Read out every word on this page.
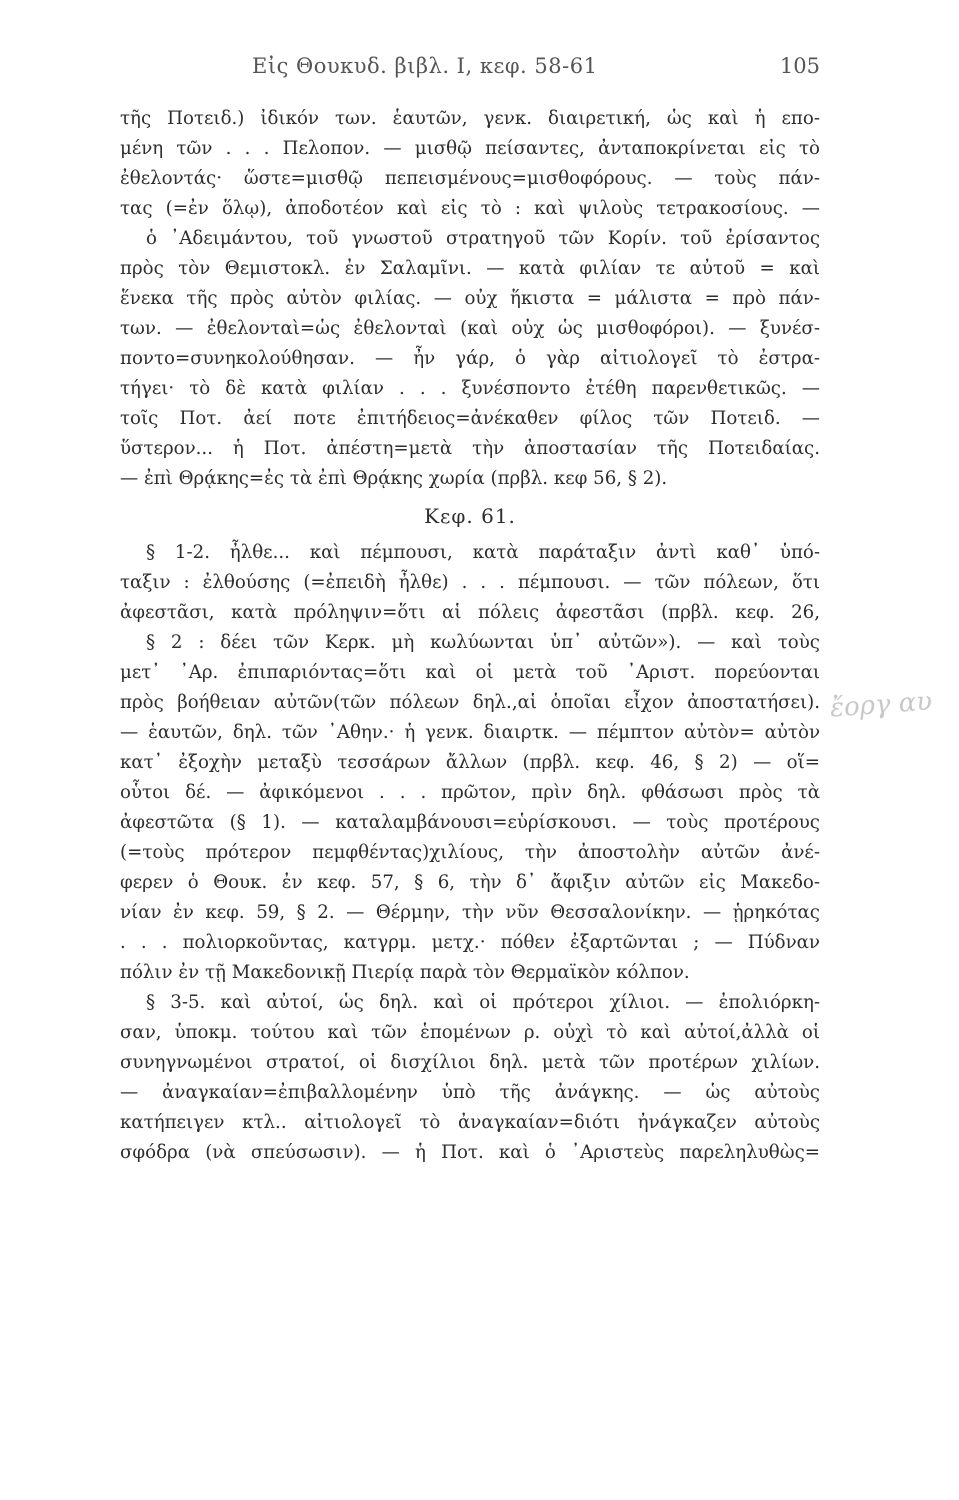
Εἰς Θουκυδ. βιβλ. Ι, κεφ. 58-61	105
τῆς Ποτειδ.) ἰδικόν των. ἑαυτῶν, γενκ. διαιρετική, ὡς καὶ ἡ επο-
μένη τῶν . . . Πελοπον. — μισθῷ πείσαντες, ἀνταποκρίνεται εἰς τὸ
ἐθελοντάς· ὥστε=μισθῷ πεπεισμένους=μισθοφόρους. — τοὺς πάν-
τας (=ἐν ὅλῳ), ἀποδοτέον καὶ εἰς τὸ : καὶ ψιλοὺς τετρακοσίους. —
ὁ ᾿Αδειμάντου, τοῦ γνωστοῦ στρατηγοῦ τῶν Κορίν. τοῦ ἐρίσαντος
πρὸς τὸν Θεμιστοκλ. ἐν Σαλαμῖνι. — κατὰ φιλίαν τε αὐτοῦ = καὶ
ἕνεκα τῆς πρὸς αὐτὸν φιλίας. — οὐχ ἥκιστα = μάλιστα = πρὸ πάν-
των. — ἐθελονταὶ=ὡς ἐθελονταὶ (καὶ οὐχ ὡς μισθοφόροι). — ξυνέσ-
ποντο=συνηκολούθησαν. — ἦν γάρ, ὁ γὰρ αἰτιολογεῖ τὸ ἐστρα-
τήγει· τὸ δὲ κατὰ φιλίαν . . . ξυνέσποντο ἐτέθη παρενθετικῶς. —
τοῖς Ποτ. ἀεί ποτε ἐπιτήδειος=ἀνέκαθεν φίλος τῶν Ποτειδ. —
ὕστερον... ἡ Ποτ. ἀπέστη=μετὰ τὴν ἀποστασίαν τῆς Ποτειδαίας.
— ἐπὶ Θρᾴκης=ἐς τὰ ἐπὶ Θρᾴκης χωρία (πρβλ. κεφ 56, § 2).
Κεφ. 61.
§ 1-2. ἦλθε... καὶ πέμπουσι, κατὰ παράταξιν ἀντὶ καθ᾿ ὑπό-
ταξιν : ἐλθούσης (=ἐπειδὴ ἦλθε) . . . πέμπουσι. — τῶν πόλεων, ὅτι
ἀφεστᾶσι, κατὰ πρόληψιν=ὅτι αἱ πόλεις ἀφεστᾶσι (πρβλ. κεφ. 26,
§ 2 : δέει τῶν Κερκ. μὴ κωλύωνται ὑπ᾿ αὐτῶν»). — καὶ τοὺς
μετ᾿ ᾿Αρ. ἐπιπαριόντας=ὅτι καὶ οἱ μετὰ τοῦ ᾿Αριστ. πορεύονται
πρὸς βοήθειαν αὐτῶν(τῶν πόλεων δηλ.,αἱ ὁποῖαι εἶχον ἀποστατήσει).
— ἑαυτῶν, δηλ. τῶν ᾿Αθην.· ἡ γενκ. διαιρτκ. — πέμπτον αὐτὸν= αὐτὸν
κατ᾿ ἐξοχὴν μεταξὺ τεσσάρων ἄλλων (πρβλ. κεφ. 46, § 2) — οἵ=
οὗτοι δέ. — ἀφικόμενοι . . . πρῶτον, πρὶν δηλ. φθάσωσι πρὸς τὰ
ἀφεστῶτα (§ 1). — καταλαμβάνουσι=εὑρίσκουσι. — τοὺς προτέρους
(=τοὺς πρότερον πεμφθέντας)χιλίους, τὴν ἀποστολὴν αὐτῶν ἀνέ-
φερεν ὁ Θουκ. ἐν κεφ. 57, § 6, τὴν δ᾿ ἄφιξιν αὐτῶν εἰς Μακεδο-
νίαν ἐν κεφ. 59, § 2. — Θέρμην, τὴν νῦν Θεσσαλονίκην. — ᾑρηκότας
. . . πολιορκοῦντας, κατγρμ. μετχ.· πόθεν ἐξαρτῶνται ; — Πύδναν
πόλιν ἐν τῇ Μακεδονικῇ Πιερίᾳ παρὰ τὸν Θερμαϊκὸν κόλπον.
§ 3-5. καὶ αὐτοί, ὡς δηλ. καὶ οἱ πρότεροι χίλιοι. — ἐπολιόρκη-
σαν, ὑποκμ. τούτου καὶ τῶν ἑπομένων ρ. οὐχὶ τὸ καὶ αὐτοί,ἀλλὰ οἱ
συνηγνωμένοι στρατοί, οἱ δισχίλιοι δηλ. μετὰ τῶν προτέρων χιλίων.
— ἀναγκαίαν=ἐπιβαλλομένην ὑπὸ τῆς ἀνάγκης. — ὡς αὐτοὺς
κατήπειγεν κτλ.. αἰτιολογεῖ τὸ ἀναγκαίαν=διότι ἠνάγκαζεν αὐτοὺς
σφόδρα (νὰ σπεύσωσιν). — ἡ Ποτ. καὶ ὁ ᾿Αριστεὺς παρεληλυθὼς=
ἔοργ αυ
